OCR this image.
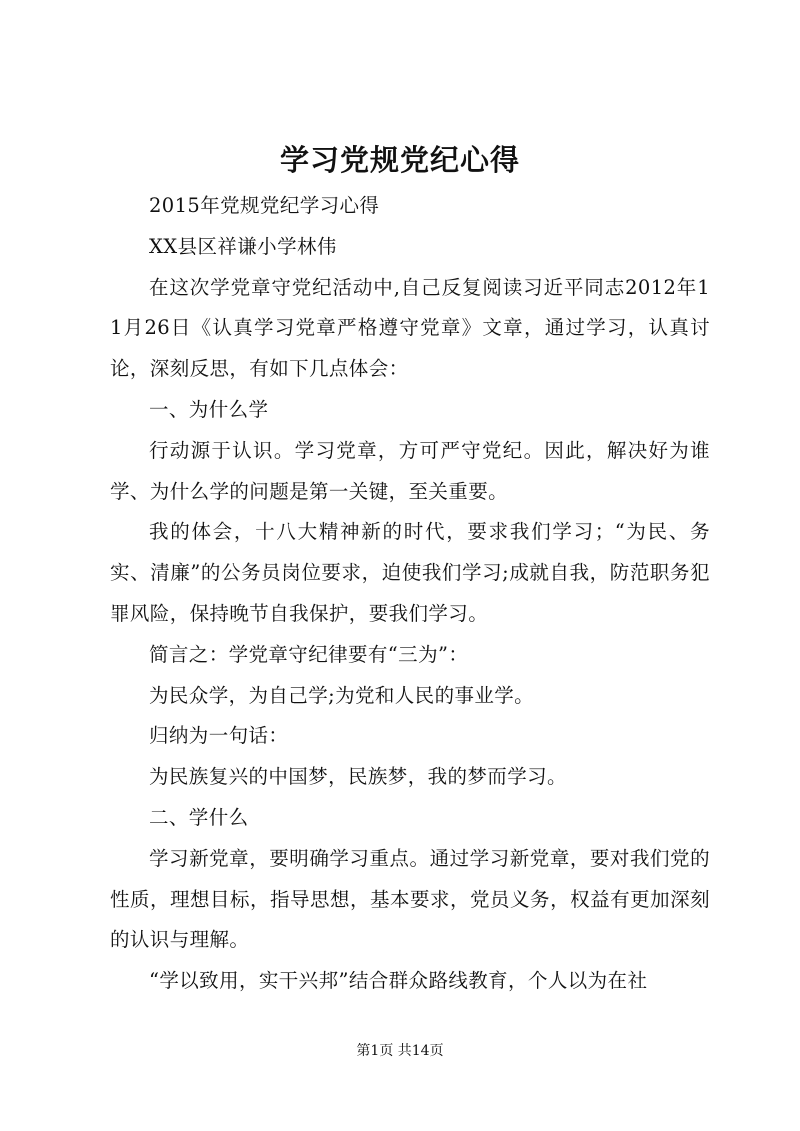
学习党规党纪心得

2015年党规党纪学习心得

XX县区祥谦小学林伟

在这次学党章守党纪活动中,自己反复阅读习近平同志2012年11月26日《认真学习党章严格遵守党章》文章，通过学习，认真讨论，深刻反思，有如下几点体会：

一、为什么学

行动源于认识。学习党章，方可严守党纪。因此，解决好为谁学、为什么学的问题是第一关键，至关重要。

我的体会，十八大精神新的时代，要求我们学习；“为民、务实、清廉”的公务员岗位要求，迫使我们学习;成就自我，防范职务犯罪风险，保持晚节自我保护，要我们学习。

简言之：学党章守纪律要有“三为”：

为民众学，为自己学;为党和人民的事业学。

归纳为一句话：

为民族复兴的中国梦，民族梦，我的梦而学习。

二、学什么

学习新党章，要明确学习重点。通过学习新党章，要对我们党的性质，理想目标，指导思想，基本要求，党员义务，权益有更加深刻的认识与理解。

“学以致用，实干兴邦”结合群众路线教育，个人以为在社

第1页 共14页
